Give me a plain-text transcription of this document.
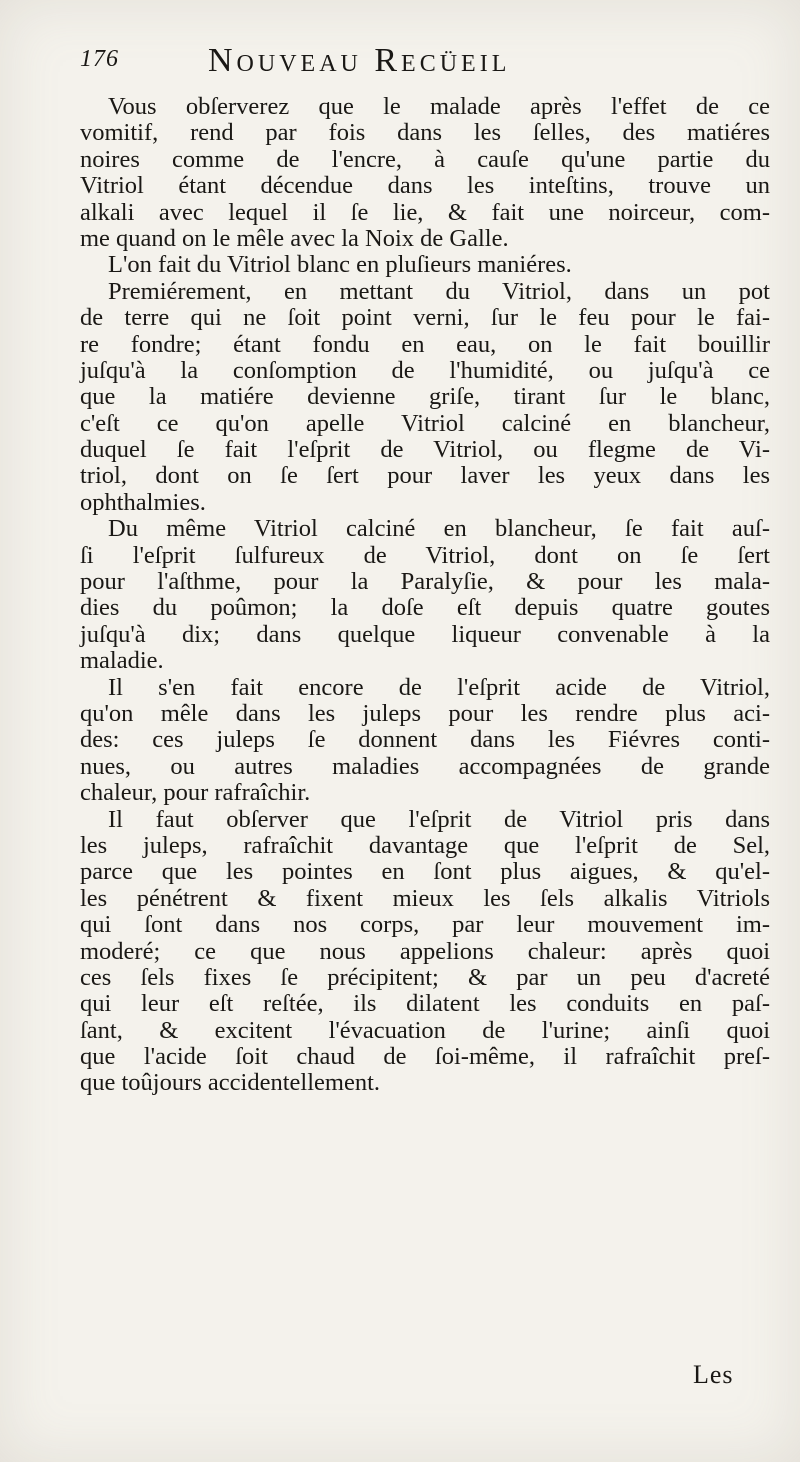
176	Nouveau Recüeil
Vous obſerverez que le malade après l'effet de ce
vomitif, rend par fois dans les ſelles, des matiéres
noires comme de l'encre, à cauſe qu'une partie du
Vitriol étant décendue dans les inteſtins, trouve un
alkali avec lequel il ſe lie, & fait une noirceur, com-
me quand on le mêle avec la Noix de Galle.
L'on fait du Vitriol blanc en pluſieurs maniéres.
Premiérement, en mettant du Vitriol, dans un pot
de terre qui ne ſoit point verni, ſur le feu pour le fai-
re fondre; étant fondu en eau, on le fait bouillir
juſqu'à la conſomption de l'humidité, ou juſqu'à ce
que la matiére devienne griſe, tirant ſur le blanc,
c'eſt ce qu'on apelle Vitriol calciné en blancheur,
duquel ſe fait l'eſprit de Vitriol, ou flegme de Vi-
triol, dont on ſe ſert pour laver les yeux dans les
ophthalmies.
Du même Vitriol calciné en blancheur, ſe fait auſ-
ſi l'eſprit ſulfureux de Vitriol, dont on ſe ſert
pour l'aſthme, pour la Paralyſie, & pour les mala-
dies du poûmon; la doſe eſt depuis quatre goutes
juſqu'à dix; dans quelque liqueur convenable à la
maladie.
Il s'en fait encore de l'eſprit acide de Vitriol,
qu'on mêle dans les juleps pour les rendre plus aci-
des: ces juleps ſe donnent dans les Fiévres conti-
nues, ou autres maladies accompagnées de grande
chaleur, pour rafraîchir.
Il faut obſerver que l'eſprit de Vitriol pris dans
les juleps, rafraîchit davantage que l'eſprit de Sel,
parce que les pointes en ſont plus aigues, & qu'el-
les pénétrent & fixent mieux les ſels alkalis Vitriols
qui ſont dans nos corps, par leur mouvement im-
moderé; ce que nous appelions chaleur: après quoi
ces ſels fixes ſe précipitent; & par un peu d'acreté
qui leur eſt reſtée, ils dilatent les conduits en paſ-
ſant, & excitent l'évacuation de l'urine; ainſi quoi
que l'acide ſoit chaud de ſoi-même, il rafraîchit preſ-
que toûjours accidentellement.
Les
